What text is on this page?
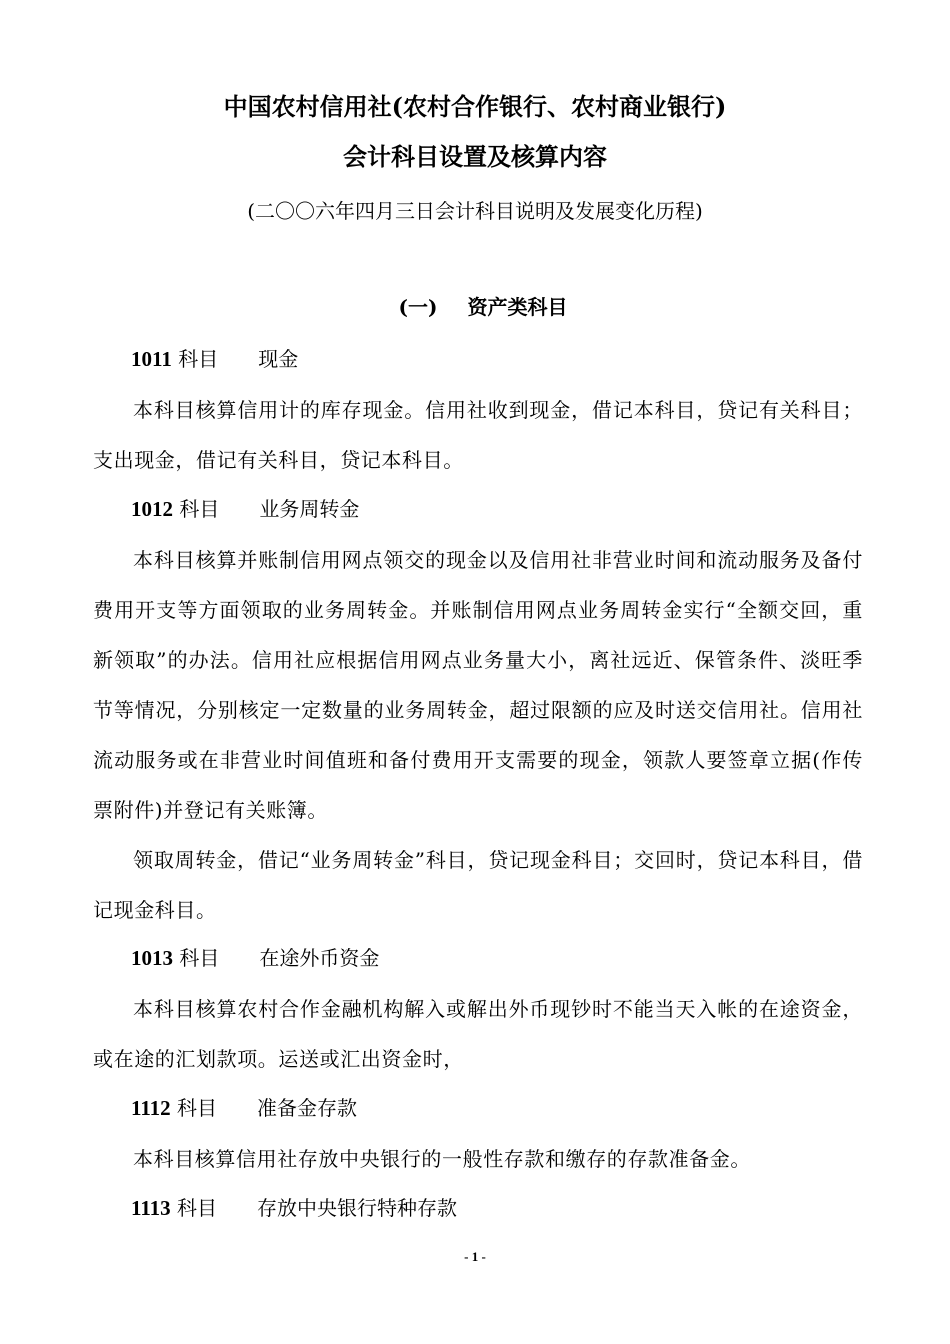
中国农村信用社(农村合作银行、农村商业银行)
会计科目设置及核算内容
(二〇〇六年四月三日会计科目说明及发展变化历程)
(一) 资产类科目
1011 科目 现金
本科目核算信用计的库存现金。信用社收到现金，借记本科目，贷记有关科目；支出现金，借记有关科目，贷记本科目。
1012 科目 业务周转金
本科目核算并账制信用网点领交的现金以及信用社非营业时间和流动服务及备付费用开支等方面领取的业务周转金。并账制信用网点业务周转金实行“全额交回，重新领取”的办法。信用社应根据信用网点业务量大小，离社远近、保管条件、淡旺季节等情况，分别核定一定数量的业务周转金，超过限额的应及时送交信用社。信用社流动服务或在非营业时间值班和备付费用开支需要的现金，领款人要签章立据(作传票附件)并登记有关账簿。
领取周转金，借记“业务周转金”科目，贷记现金科目；交回时，贷记本科目，借记现金科目。
1013 科目 在途外币资金
本科目核算农村合作金融机构解入或解出外币现钞时不能当天入帐的在途资金，或在途的汇划款项。运送或汇出资金时，
1112 科目 准备金存款
本科目核算信用社存放中央银行的一般性存款和缴存的存款准备金。
1113 科目 存放中央银行特种存款
- 1 -
